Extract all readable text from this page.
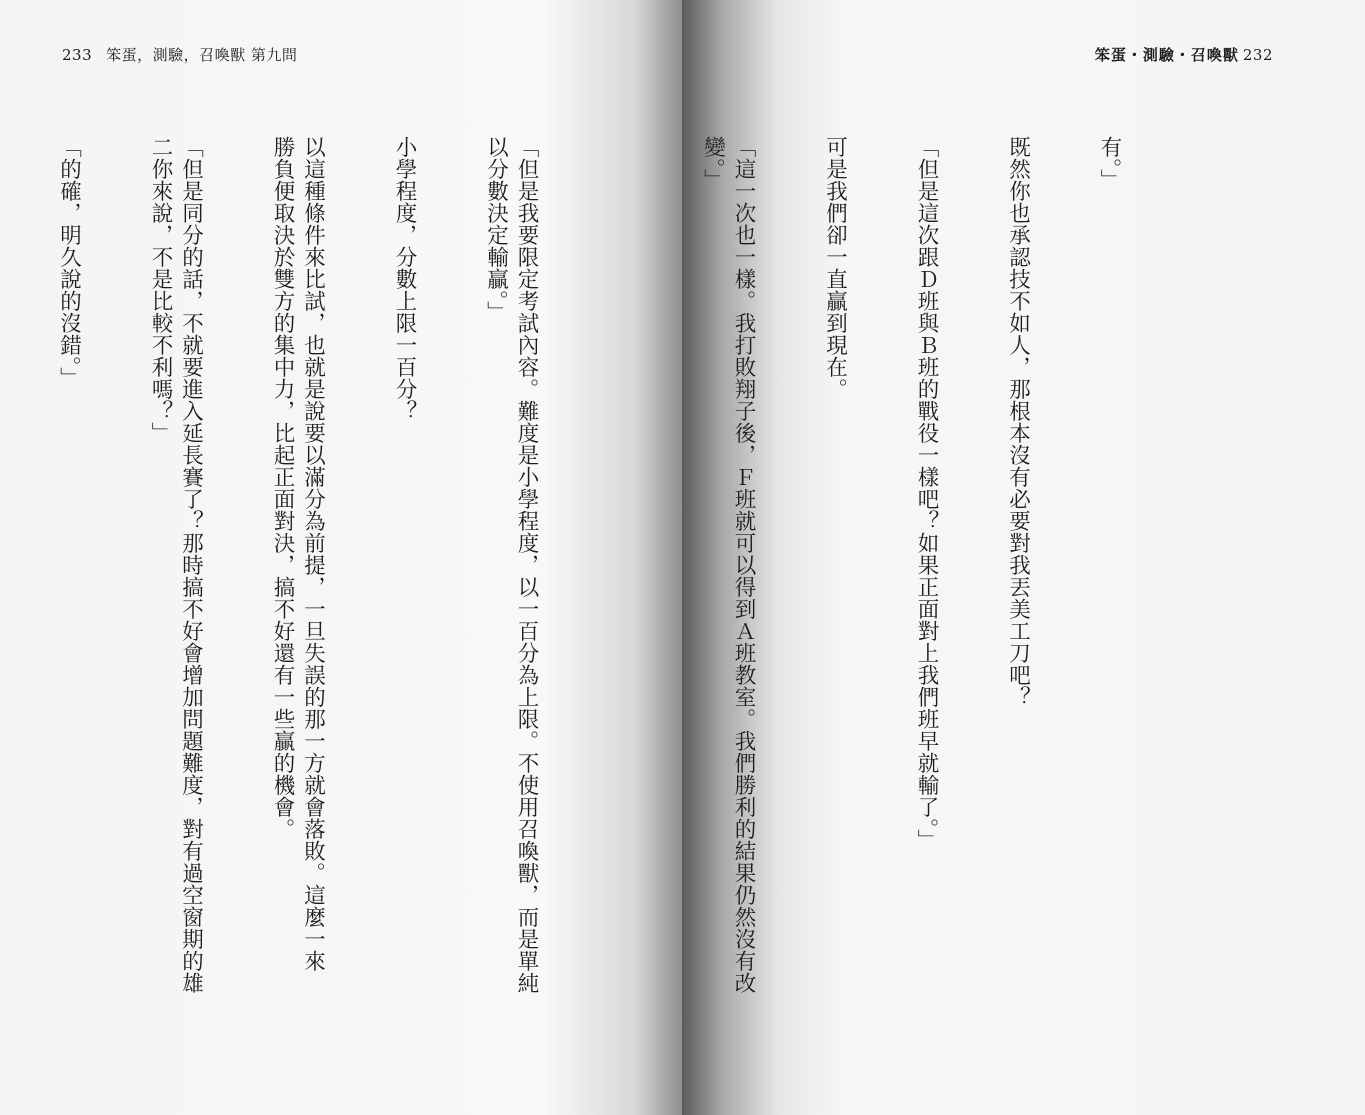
233 笨蛋，測驗，召喚獸 第九問

「但是我要限定考試內容。難度是小學程度，以一百分為上限。不使用召喚獸，而是單純
以分數決定輸贏。」

小學程度，分數上限一百分？

以這種條件來比試，也就是說要以滿分為前提，一旦失誤的那一方就會落敗。這麼一來
勝負便取決於雙方的集中力，比起正面對決，搞不好還有一些贏的機會。

「但是同分的話，不就要進入延長賽了？那時搞不好會增加問題難度，對有過空窗期的雄
二你來說，不是比較不利嗎？」

「的確，明久說的沒錯。」

笨蛋・測驗・召喚獸 232

有。」

既然你也承認技不如人，那根本沒有必要對我丟美工刀吧？

「但是這次跟Ｄ班與Ｂ班的戰役一樣吧？如果正面對上我們班早就輸了。」

可是我們卻一直贏到現在。

「這一次也一樣。我打敗翔子後，Ｆ班就可以得到Ａ班教室。我們勝利的結果仍然沒有改
變。」
